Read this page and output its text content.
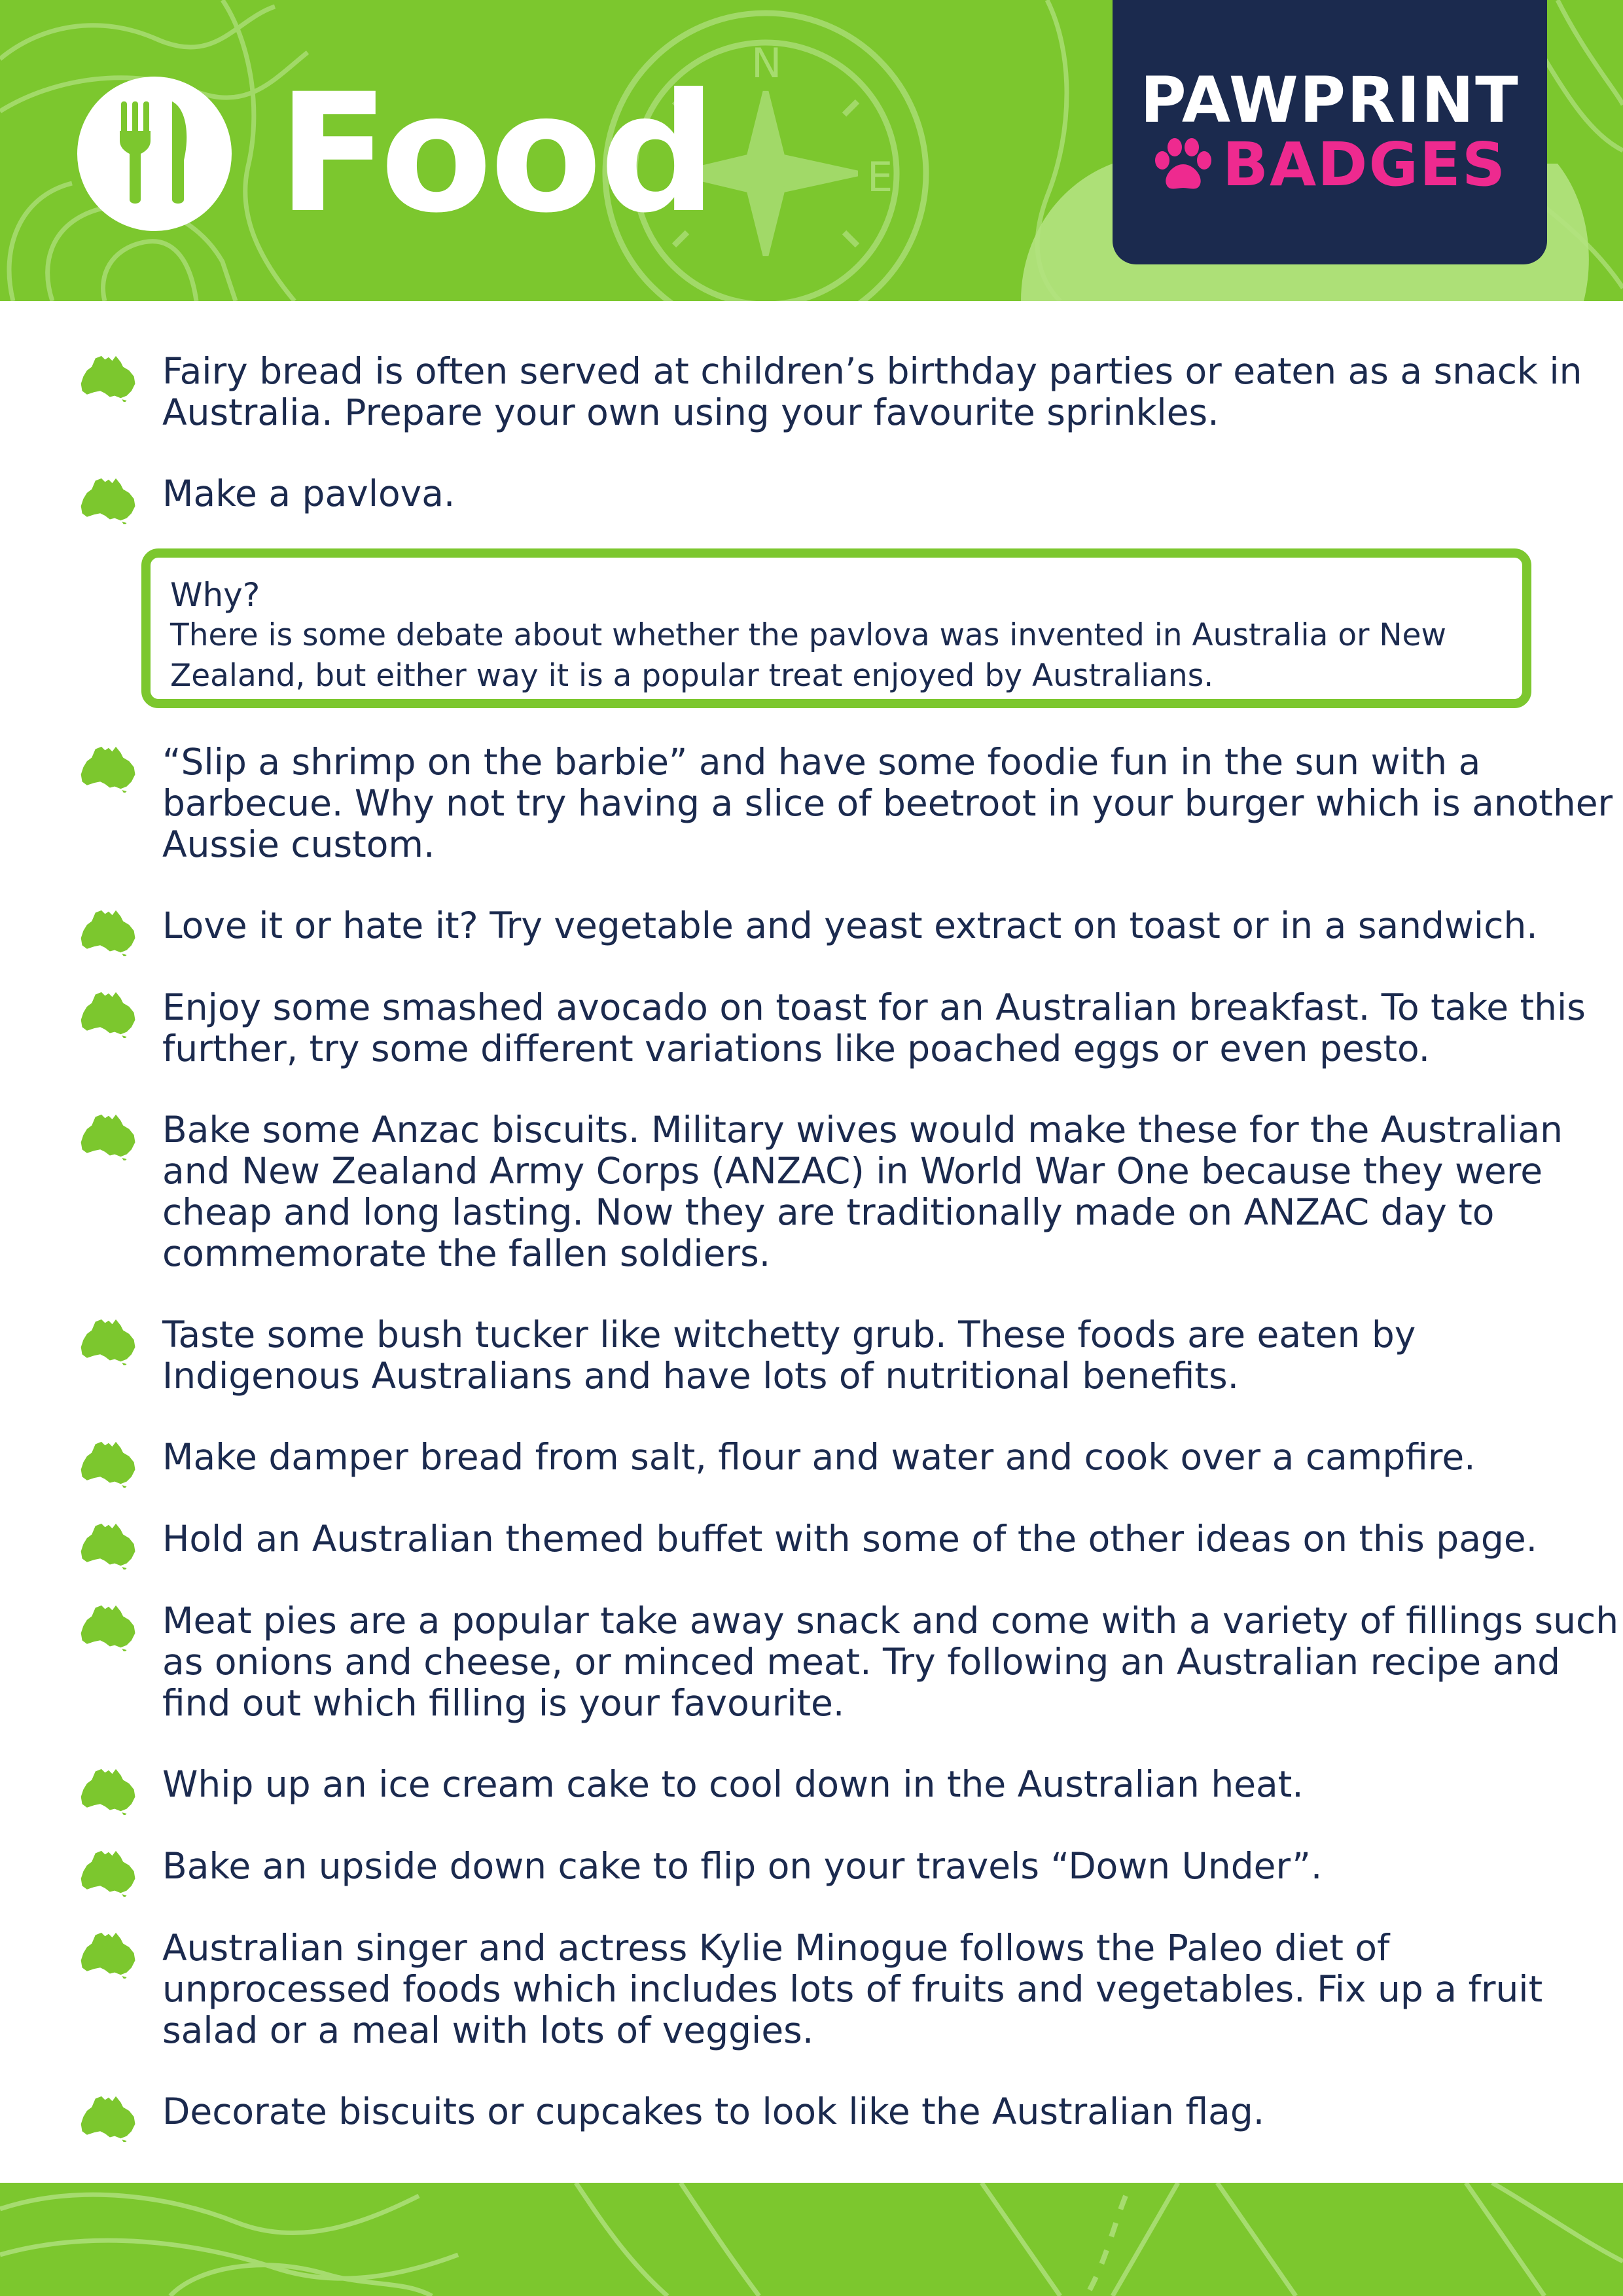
N
E
Food	PAWPRINT
BADGES
Fairy bread is often served at children’s birthday parties or eaten as a snack in Australia. Prepare your own using your favourite sprinkles.
Make a pavlova.
Why?
There is some debate about whether the pavlova was invented in Australia or New Zealand, but either way it is a popular treat enjoyed by Australians.
“Slip a shrimp on the barbie” and have some foodie fun in the sun with a barbecue. Why not try having a slice of beetroot in your burger which is another Aussie custom.
Love it or hate it? Try vegetable and yeast extract on toast or in a sandwich.
Enjoy some smashed avocado on toast for an Australian breakfast. To take this further, try some different variations like poached eggs or even pesto.
Bake some Anzac biscuits. Military wives would make these for the Australian and New Zealand Army Corps (ANZAC) in World War One because they were cheap and long lasting. Now they are traditionally made on ANZAC day to commemorate the fallen soldiers.
Taste some bush tucker like witchetty grub. These foods are eaten by Indigenous Australians and have lots of nutritional benefits.
Make damper bread from salt, flour and water and cook over a campfire.
Hold an Australian themed buffet with some of the other ideas on this page.
Meat pies are a popular take away snack and come with a variety of fillings such as onions and cheese, or minced meat. Try following an Australian recipe and find out which filling is your favourite.
Whip up an ice cream cake to cool down in the Australian heat.
Bake an upside down cake to flip on your travels “Down Under”.
Australian singer and actress Kylie Minogue follows the Paleo diet of unprocessed foods which includes lots of fruits and vegetables. Fix up a fruit salad or a meal with lots of veggies.
Decorate biscuits or cupcakes to look like the Australian flag.
